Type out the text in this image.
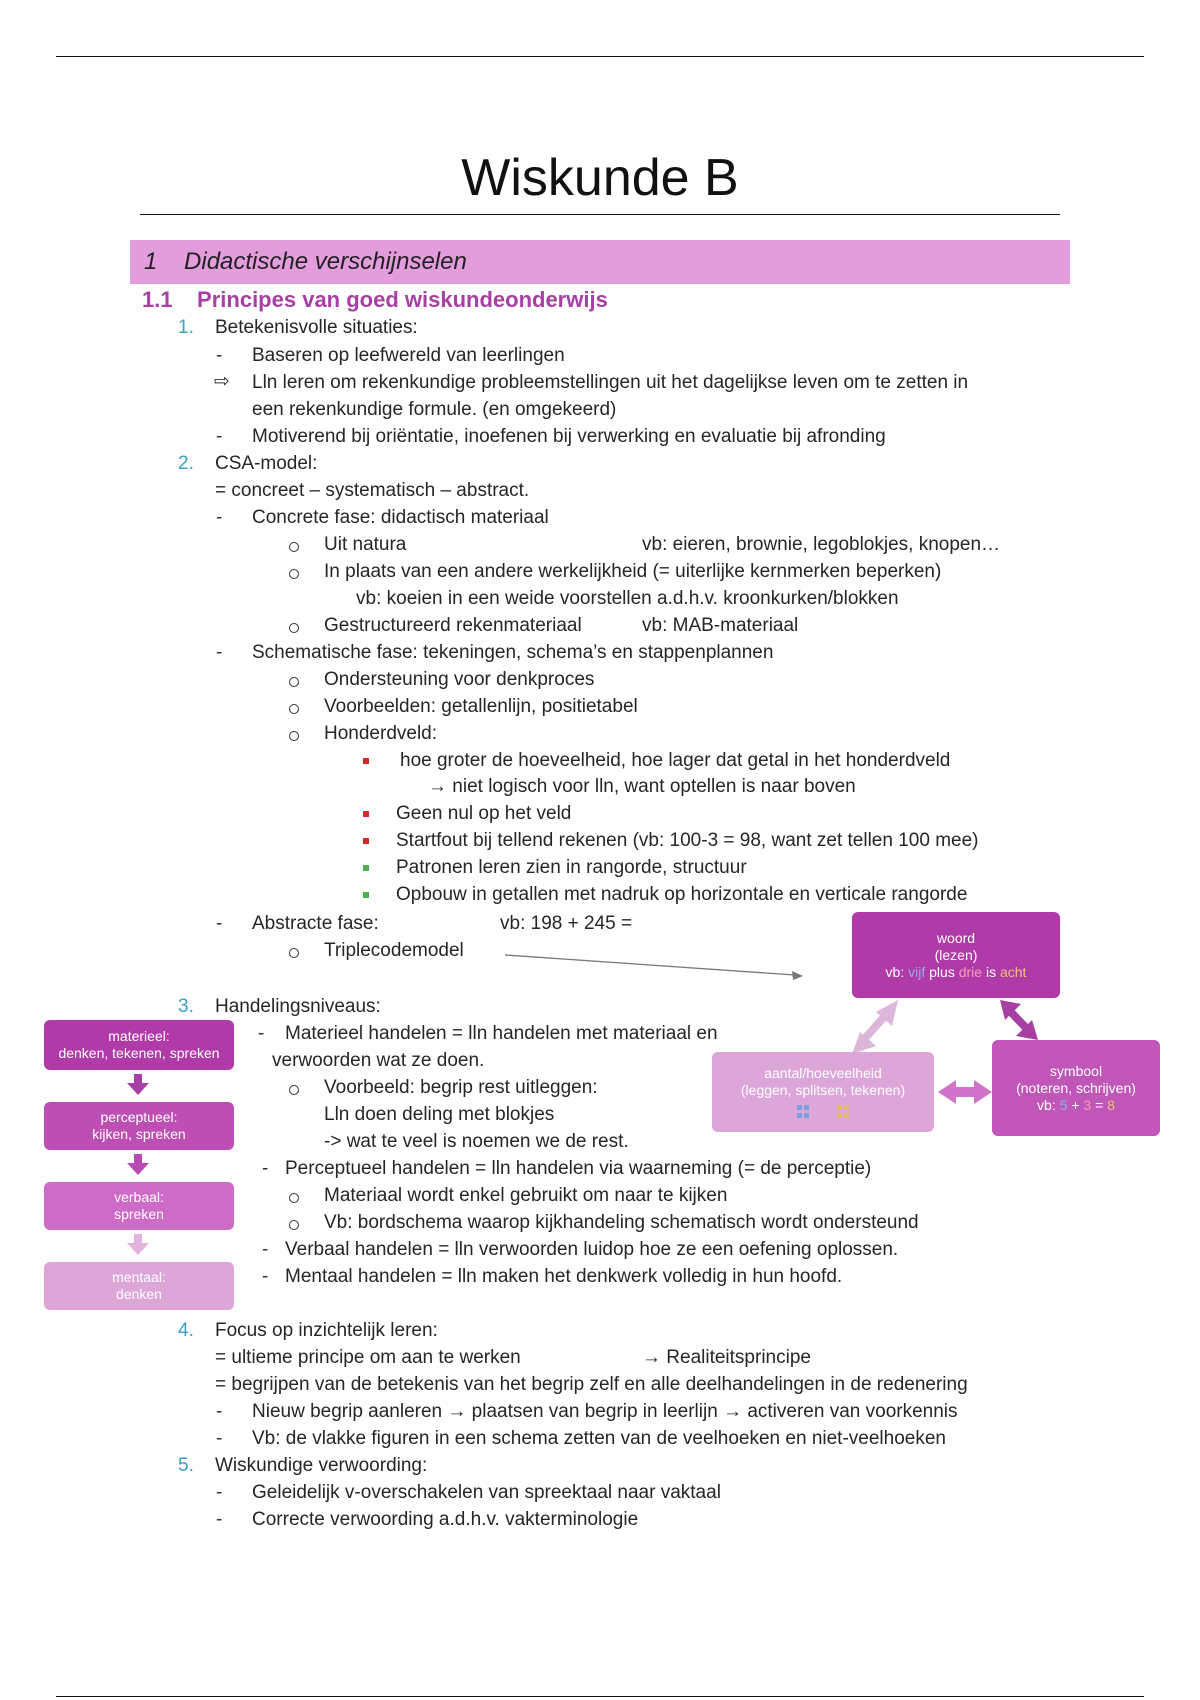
Wiskunde B
1 Didactische verschijnselen
1.1 Principes van goed wiskundeonderwijs
1. Betekenisvolle situaties:
- Baseren op leefwereld van leerlingen
⇨ Lln leren om rekenkundige probleemstellingen uit het dagelijkse leven om te zetten in
een rekenkundige formule. (en omgekeerd)
- Motiverend bij oriëntatie, inoefenen bij verwerking en evaluatie bij afronding
2. CSA-model:
= concreet – systematisch – abstract.
- Concrete fase: didactisch materiaal
Uit natura	vb: eieren, brownie, legoblokjes, knopen…
In plaats van een andere werkelijkheid (= uiterlijke kernmerken beperken)
vb: koeien in een weide voorstellen a.d.h.v. kroonkurken/blokken
Gestructureerd rekenmateriaal	vb: MAB-materiaal
- Schematische fase: tekeningen, schema’s en stappenplannen
Ondersteuning voor denkproces
Voorbeelden: getallenlijn, positietabel
Honderdveld:
hoe groter de hoeveelheid, hoe lager dat getal in het honderdveld
→ niet logisch voor lln, want optellen is naar boven
Geen nul op het veld
Startfout bij tellend rekenen (vb: 100-3 = 98, want zet tellen 100 mee)
Patronen leren zien in rangorde, structuur
Opbouw in getallen met nadruk op horizontale en verticale rangorde
- Abstracte fase:	vb: 198 + 245 =
Triplecodemodel
woord
(lezen)
vb: vijf plus drie is acht
aantal/hoeveelheid
(leggen, splitsen, tekenen)

symbool
(noteren, schrijven)
vb: 5 + 3 = 8
3. Handelingsniveaus:
- Materieel handelen = lln handelen met materiaal en
verwoorden wat ze doen.
Voorbeeld: begrip rest uitleggen:
Lln doen deling met blokjes
-> wat te veel is noemen we de rest.
- Perceptueel handelen = lln handelen via waarneming (= de perceptie)
Materiaal wordt enkel gebruikt om naar te kijken
Vb: bordschema waarop kijkhandeling schematisch wordt ondersteund
- Verbaal handelen = lln verwoorden luidop hoe ze een oefening oplossen.
- Mentaal handelen = lln maken het denkwerk volledig in hun hoofd.
materieel:
denken, tekenen, spreken
perceptueel:
kijken, spreken
verbaal:
spreken
mentaal:
denken
4. Focus op inzichtelijk leren:
= ultieme principe om aan te werken	→ Realiteitsprincipe
= begrijpen van de betekenis van het begrip zelf en alle deelhandelingen in de redenering
- Nieuw begrip aanleren → plaatsen van begrip in leerlijn → activeren van voorkennis
- Vb: de vlakke figuren in een schema zetten van de veelhoeken en niet-veelhoeken
5. Wiskundige verwoording:
- Geleidelijk v-overschakelen van spreektaal naar vaktaal
- Correcte verwoording a.d.h.v. vakterminologie
